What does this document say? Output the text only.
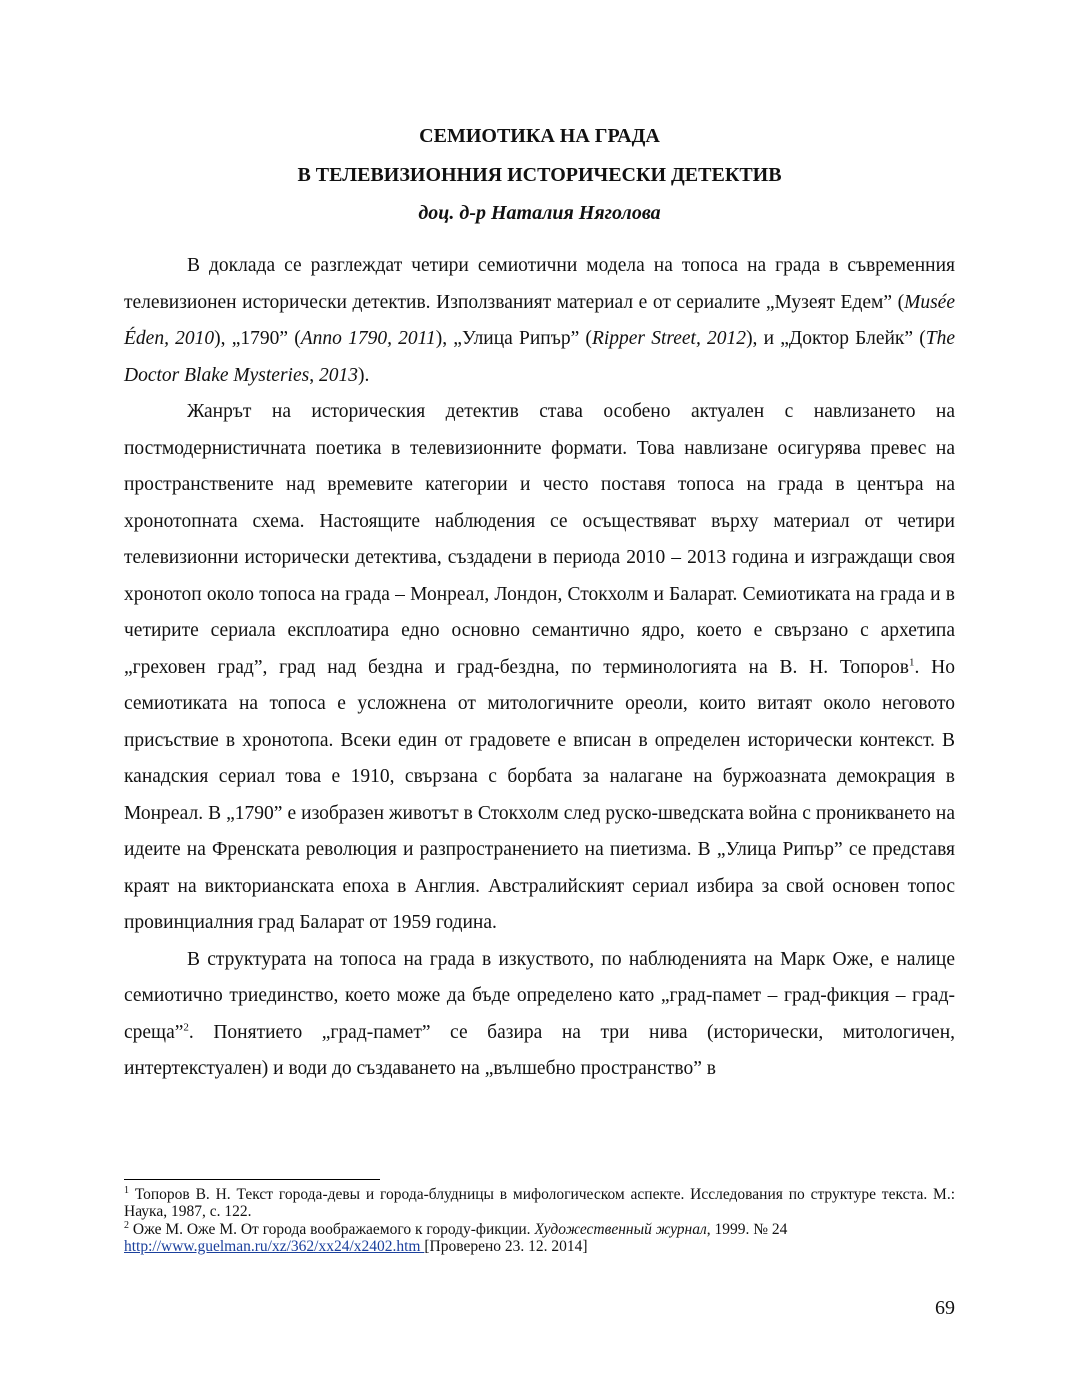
СЕМИОТИКА НА ГРАДА
В ТЕЛЕВИЗИОННИЯ ИСТОРИЧЕСКИ ДЕТЕКТИВ

доц. д-р Наталия Няголова

В доклада се разглеждат четири семиотични модела на топоса на града в съвременния телевизионен исторически детектив. Използваният материал е от сериалите „Музеят Едем” (Musée Éden, 2010), „1790” (Anno 1790, 2011), „Улица Рипър” (Ripper Street, 2012), и „Доктор Блейк” (The Doctor Blake Mysteries, 2013).

Жанрът на историческия детектив става особено актуален с навлизането на постмодернистичната поетика в телевизионните формати. Това навлизане осигурява превес на пространствените над времевите категории и често поставя топоса на града в центъра на хронотопната схема. Настоящите наблюдения се осъществяват върху материал от четири телевизионни исторически детектива, създадени в периода 2010 – 2013 година и изграждащи своя хронотоп около топоса на града – Монреал, Лондон, Стокхолм и Баларат. Семиотиката на града и в четирите сериала експлоатира едно основно семантично ядро, което е свързано с архетипа „греховен град”, град над бездна и град-бездна, по терминологията на В. Н. Топоров$^1$. Но семиотиката на топоса е усложнена от митологичните ореоли, които витаят около неговото присъствие в хронотопа. Всеки един от градовете е вписан в определен исторически контекст. В канадския сериал това е 1910, свързана с борбата за налагане на буржоазната демокрация в Монреал. В „1790” е изобразен животът в Стокхолм след руско-шведската война с проникването на идеите на Френската революция и разпространението на пиетизма. В „Улица Рипър” се представя краят на викторианската епоха в Англия. Австралийският сериал избира за свой основен топос провинциалния град Баларат от 1959 година.

В структурата на топоса на града в изкуството, по наблюденията на Марк Оже, е налице семиотично триединство, което може да бъде определено като „град-памет – град-фикция – град-среща”$^2$. Понятието „град-памет” се базира на три нива (исторически, митологичен, интертекстуален) и води до създаването на „вълшебно пространство” в

$^1$ Топоров В. Н. Текст города-девы и города-блудницы в мифологическом аспекте. Исследования по структуре текста. М.: Наука, 1987, с. 122.

$^2$ Оже М. Оже М. От города воображаемого к городу-фикции. Художественный журнал, 1999. № 24
http://www.guelman.ru/xz/362/xx24/x2402.htm [Проверено 23. 12. 2014]

69
